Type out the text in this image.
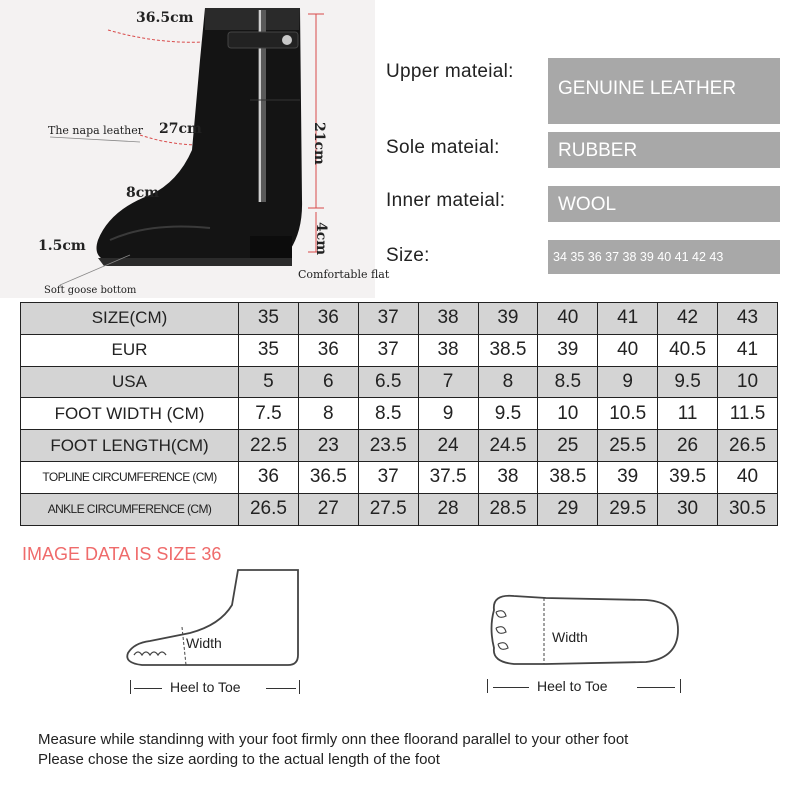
36.5cm
The napa leather 27cm	21cm
8cm
4cm
1.5cm
Comfortable flat
Soft goose bottom
Upper mateial:
GENUINE LEATHER
Sole mateial:	RUBBER
Inner mateial:	WOOL
Size:	34 35 36 37 38 39 40 41 42 43
SIZE(CM)	35	36	37	38	39	40	41	42	43
EUR	35	36	37	38	38.5	39	40	40.5	41
USA	5	6	6.5	7	8	8.5	9	9.5	10
FOOT WIDTH (CM)	7.5	8	8.5	9	9.5	10	10.5	11	11.5
FOOT LENGTH(CM)	22.5	23	23.5	24	24.5	25	25.5	26	26.5
TOPLINE CIRCUMFERENCE (CM)	36	36.5	37	37.5	38	38.5	39	39.5	40
ANKLE CIRCUMFERENCE (CM)	26.5	27	27.5	28	28.5	29	29.5	30	30.5
IMAGE DATA IS SIZE 36
Width
Heel to Toe
Width
Heel to Toe
Measure while standinng with your foot firmly onn thee floorand parallel to your other foot
Please chose the size aording to the actual length of the foot
